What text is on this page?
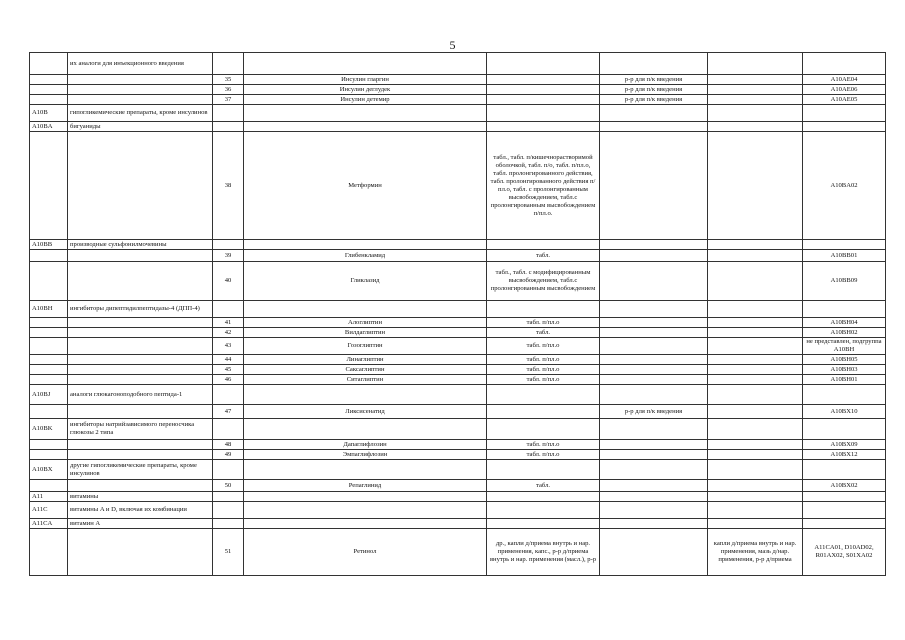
5
	их аналоги для инъекционного введения						
		35	Инсулин гларгин		р-р для п/к введения		A10AE04
		36	Инсулин деглудек		р-р для п/к введения		A10AE06
		37	Инсулин детемир		р-р для п/к введения		A10AE05
A10B	гипогликемические препараты, кроме инсулинов						
A10BA	бигуаниды						
		38	Метформин	табл., табл. п/кишечнорастворимой оболочкой, табл. п/о, табл. п/пл.о, табл. пролонгированного действия, табл. пролонгированного действия п/пл.о, табл. с пролонгированным высвобождением, табл.с пролонгированным высвобождением п/пл.о.			A10BA02
A10BB	производные сульфонилмочевины						
		39	Глибенкламид	табл.			A10BB01
		40	Гликлазид	табл., табл. с модифицированным высвобождением, табл.с пролонгированным высвобождением			A10BB09
A10BH	ингибиторы дипептидилпептидазы-4 (ДПП-4)						
		41	Алоглиптин	табл. п/пл.о			A10BH04
		42	Вилдаглиптин	табл.			A10BH02
		43	Гозоглиптин	табл. п/пл.о			не представлен, подгруппа A10BH
		44	Линаглиптин	табл. п/пл.о			A10BH05
		45	Саксаглиптин	табл. п/пл.о			A10BH03
		46	Ситаглиптин	табл. п/пл.о			A10BH01
A10BJ	аналоги глюкагоноподобного пептида-1						
		47	Ликсисенатид		р-р для п/к введения		A10BX10
A10BK	ингибиторы натрийзависимого переносчика глюкозы 2 типа						
		48	Дапаглифлозин	табл. п/пл.о			A10BX09
		49	Эмпаглифлозин	табл. п/пл.о			A10BX12
A10BX	другие гипогликемические препараты, кроме инсулинов						
		50	Репаглинид	табл.			A10BX02
A11	витамины						
A11C	витамины A и D, включая их комбинации						
A11CA	витамин A						
		51	Ретинол	др., капли д/приема внутрь и нар. применения, капс., р-р д/приема внутрь и нар. применения (масл.), р-р		капли д/приема внутрь и нар. применения, мазь д/нар. применения, р-р д/приема	A11CA01, D10AD02, R01AX02, S01XA02
